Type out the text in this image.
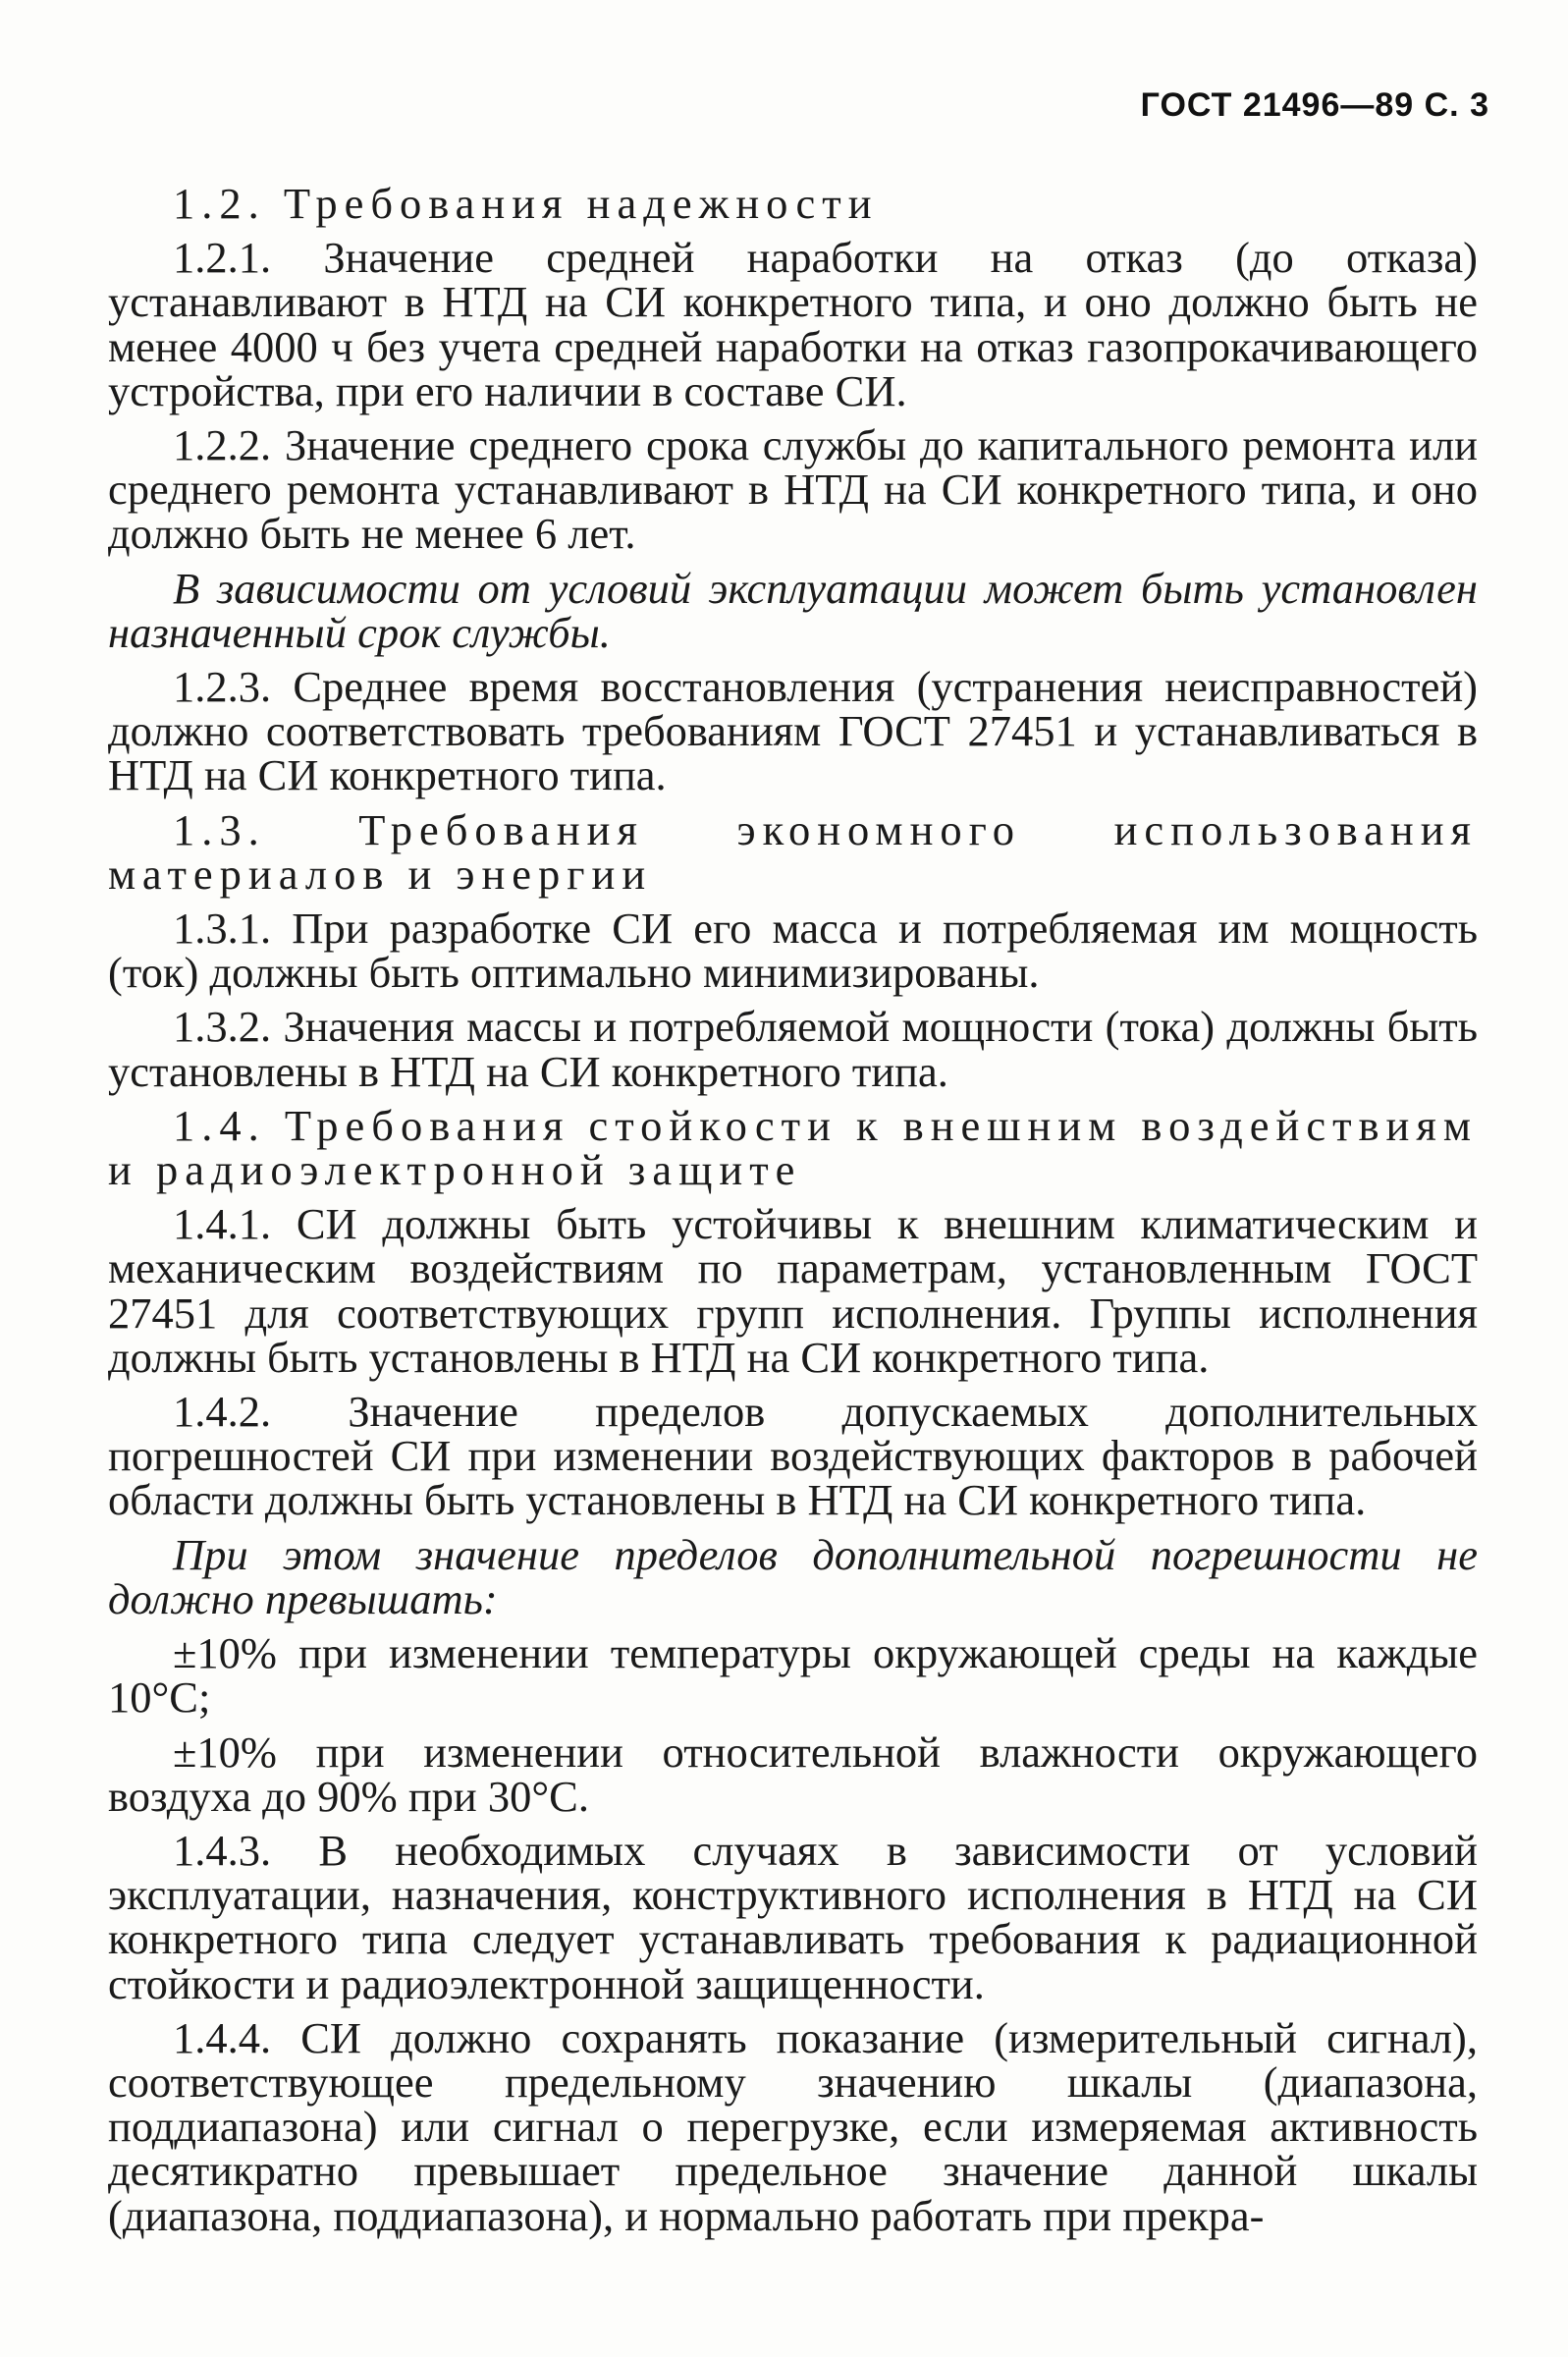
ГОСТ 21496—89 С. 3

1.2. Требования надежности

1.2.1. Значение средней наработки на отказ (до отказа) устанавливают в НТД на СИ конкретного типа, и оно должно быть не менее 4000 ч без учета средней наработки на отказ газопрокачивающего устройства, при его наличии в составе СИ.

1.2.2. Значение среднего срока службы до капитального ремонта или среднего ремонта устанавливают в НТД на СИ конкретного типа, и оно должно быть не менее 6 лет.

В зависимости от условий эксплуатации может быть установлен назначенный срок службы.

1.2.3. Среднее время восстановления (устранения неисправностей) должно соответствовать требованиям ГОСТ 27451 и устанавливаться в НТД на СИ конкретного типа.

1.3. Требования экономного использования материалов и энергии

1.3.1. При разработке СИ его масса и потребляемая им мощность (ток) должны быть оптимально минимизированы.

1.3.2. Значения массы и потребляемой мощности (тока) должны быть установлены в НТД на СИ конкретного типа.

1.4. Требования стойкости к внешним воздействиям и радиоэлектронной защите

1.4.1. СИ должны быть устойчивы к внешним климатическим и механическим воздействиям по параметрам, установленным ГОСТ 27451 для соответствующих групп исполнения. Группы исполнения должны быть установлены в НТД на СИ конкретного типа.

1.4.2. Значение пределов допускаемых дополнительных погрешностей СИ при изменении воздействующих факторов в рабочей области должны быть установлены в НТД на СИ конкретного типа.

При этом значение пределов дополнительной погрешности не должно превышать:

±10% при изменении температуры окружающей среды на каждые 10°С;

±10% при изменении относительной влажности окружающего воздуха до 90% при 30°С.

1.4.3. В необходимых случаях в зависимости от условий эксплуатации, назначения, конструктивного исполнения в НТД на СИ конкретного типа следует устанавливать требования к радиационной стойкости и радиоэлектронной защищенности.

1.4.4. СИ должно сохранять показание (измерительный сигнал), соответствующее предельному значению шкалы (диапазона, поддиапазона) или сигнал о перегрузке, если измеряемая активность десятикратно превышает предельное значение данной шкалы (диапазона, поддиапазона), и нормально работать при прекра-
